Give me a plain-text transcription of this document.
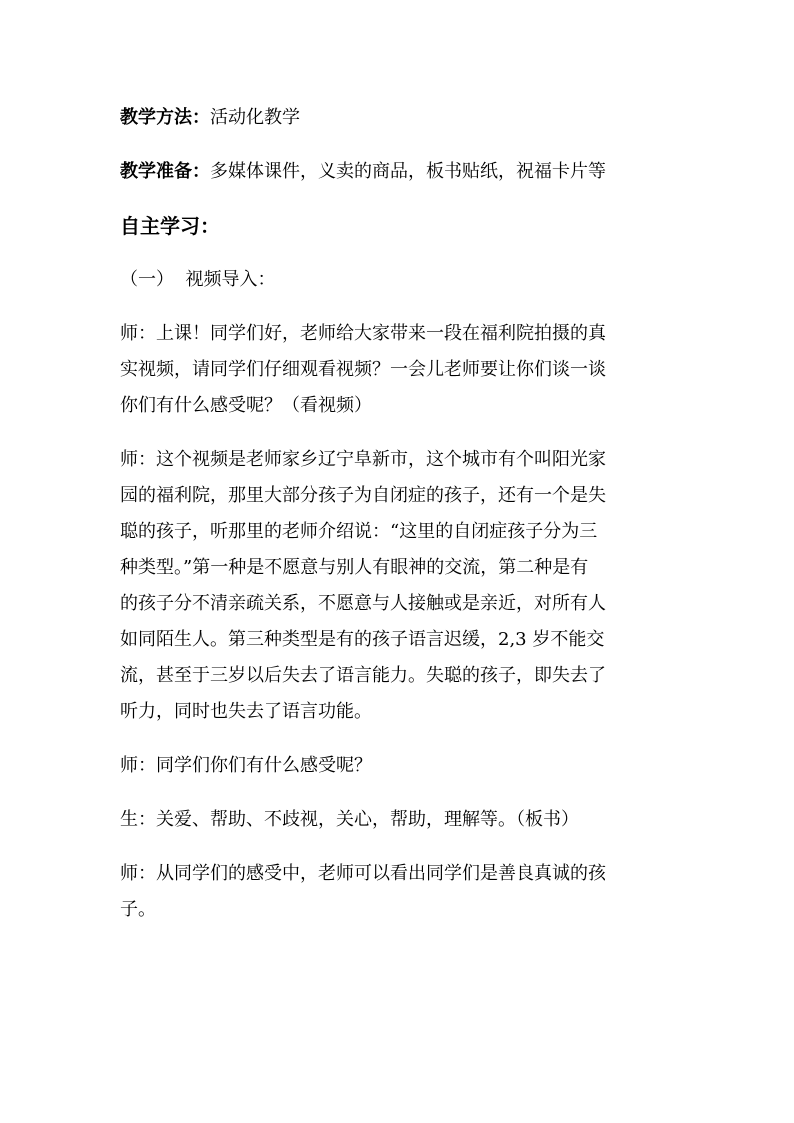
教学方法：活动化教学

教学准备：多媒体课件，义卖的商品，板书贴纸，祝福卡片等

自主学习：

（一）  视频导入：

师：上课！同学们好，老师给大家带来一段在福利院拍摄的真

实视频，请同学们仔细观看视频？一会儿老师要让你们谈一谈

你们有什么感受呢？（看视频）

师：这个视频是老师家乡辽宁阜新市，这个城市有个叫阳光家

园的福利院，那里大部分孩子为自闭症的孩子，还有一个是失

聪的孩子，听那里的老师介绍说：“这里的自闭症孩子分为三

种类型。”第一种是不愿意与别人有眼神的交流，第二种是有

的孩子分不清亲疏关系，不愿意与人接触或是亲近，对所有人

如同陌生人。第三种类型是有的孩子语言迟缓，2,3 岁不能交

流，甚至于三岁以后失去了语言能力。失聪的孩子，即失去了

听力，同时也失去了语言功能。

师：同学们你们有什么感受呢？

生：关爱、帮助、不歧视，关心，帮助，理解等。（板书）

师：从同学们的感受中，老师可以看出同学们是善良真诚的孩

子。
